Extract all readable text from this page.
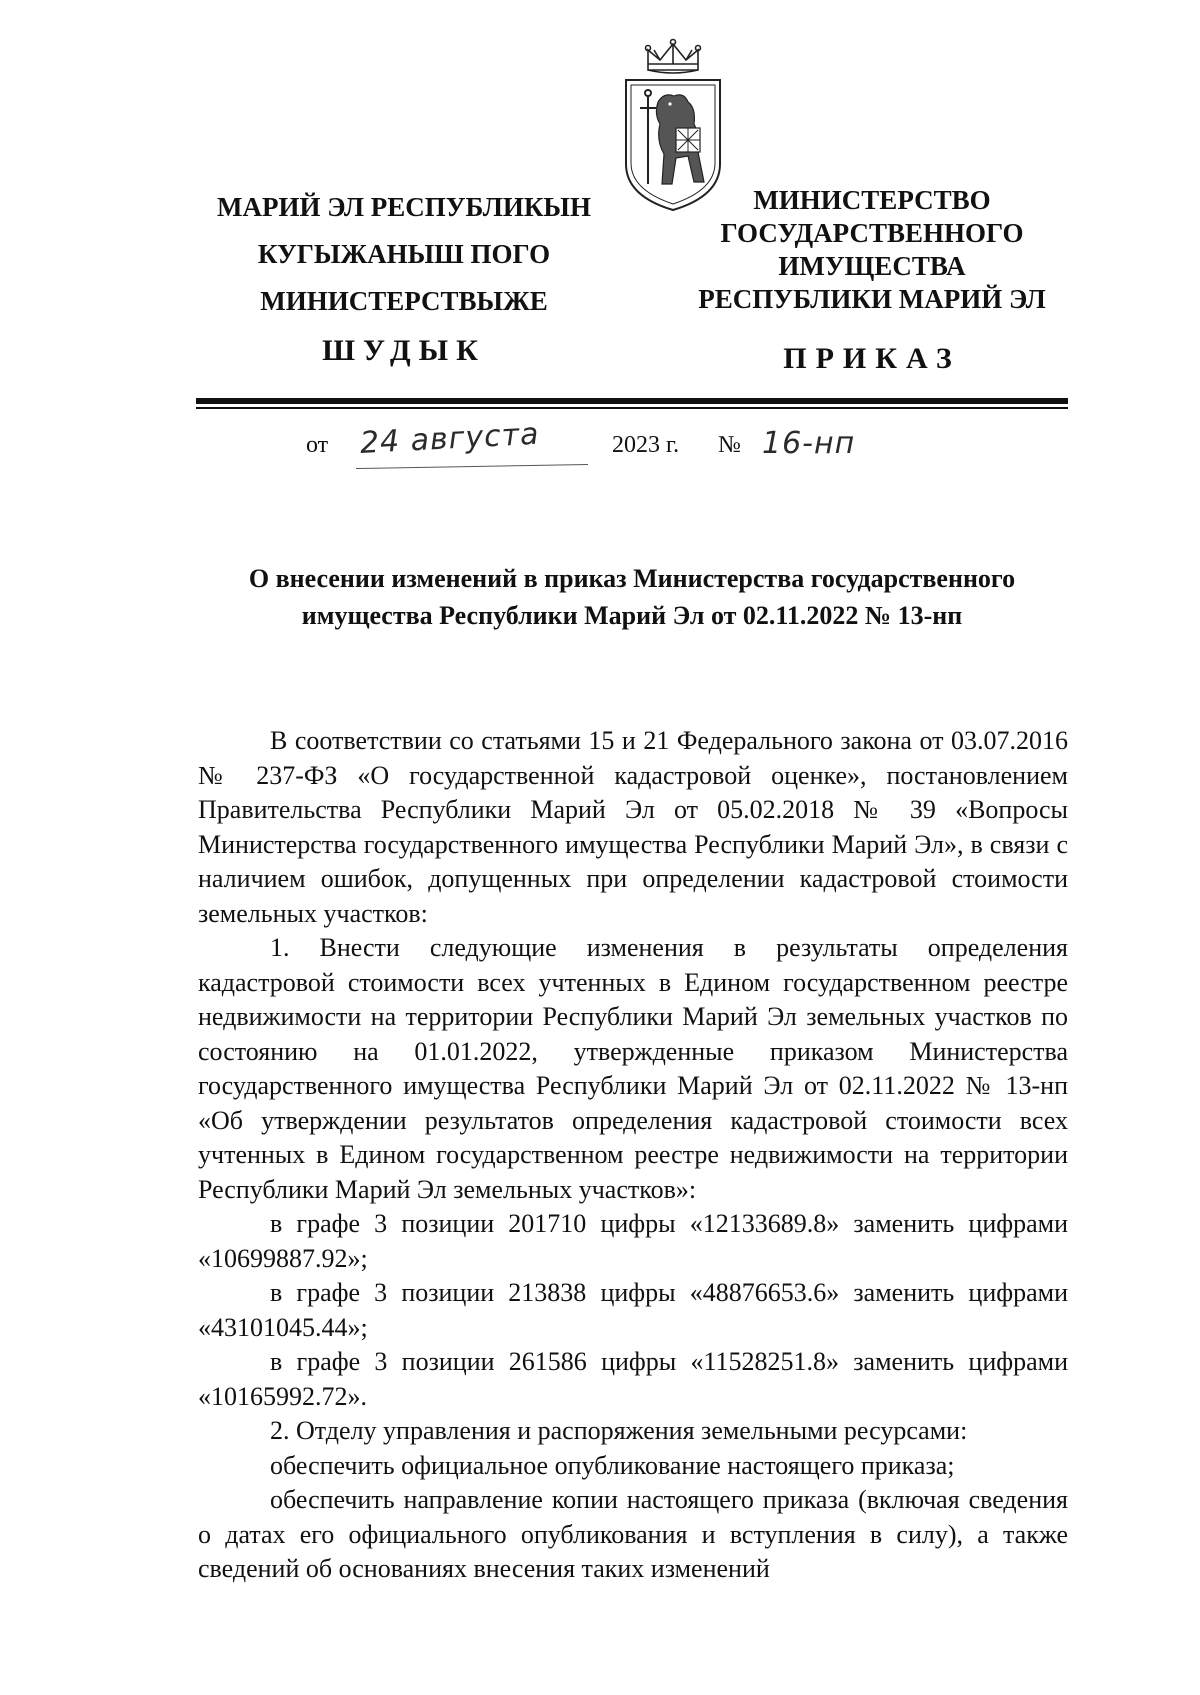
МАРИЙ ЭЛ РЕСПУБЛИКЫН
КУГЫЖАНЫШ ПОГО
МИНИСТЕРСТВЫЖЕ
МИНИСТЕРСТВО
ГОСУДАРСТВЕННОГО
ИМУЩЕСТВА
РЕСПУБЛИКИ МАРИЙ ЭЛ
ШУДЫК	ПРИКАЗ
от 24 августа	2023 г. № 16-нп
О внесении изменений в приказ Министерства государственного
имущества Республики Марий Эл от 02.11.2022 № 13-нп

В соответствии со статьями 15 и 21 Федерального закона от 03.07.2016 № 237-ФЗ «О государственной кадастровой оценке», постановлением Правительства Республики Марий Эл от 05.02.2018 № 39 «Вопросы Министерства государственного имущества Республики Марий Эл», в связи с наличием ошибок, допущенных при определении кадастровой стоимости земельных участков:

1. Внести следующие изменения в результаты определения кадастровой стоимости всех учтенных в Едином государственном реестре недвижимости на территории Республики Марий Эл земельных участков по состоянию на 01.01.2022, утвержденные приказом Министерства государственного имущества Республики Марий Эл от 02.11.2022 № 13-нп «Об утверждении результатов определения кадастровой стоимости всех учтенных в Едином государственном реестре недвижимости на территории Республики Марий Эл земельных участков»:

в графе 3 позиции 201710 цифры «12133689.8» заменить цифрами «10699887.92»;

в графе 3 позиции 213838 цифры «48876653.6» заменить цифрами «43101045.44»;

в графе 3 позиции 261586 цифры «11528251.8» заменить цифрами «10165992.72».

2. Отделу управления и распоряжения земельными ресурсами:

обеспечить официальное опубликование настоящего приказа;

обеспечить направление копии настоящего приказа (включая сведения о датах его официального опубликования и вступления в силу), а также сведений об основаниях внесения таких изменений
